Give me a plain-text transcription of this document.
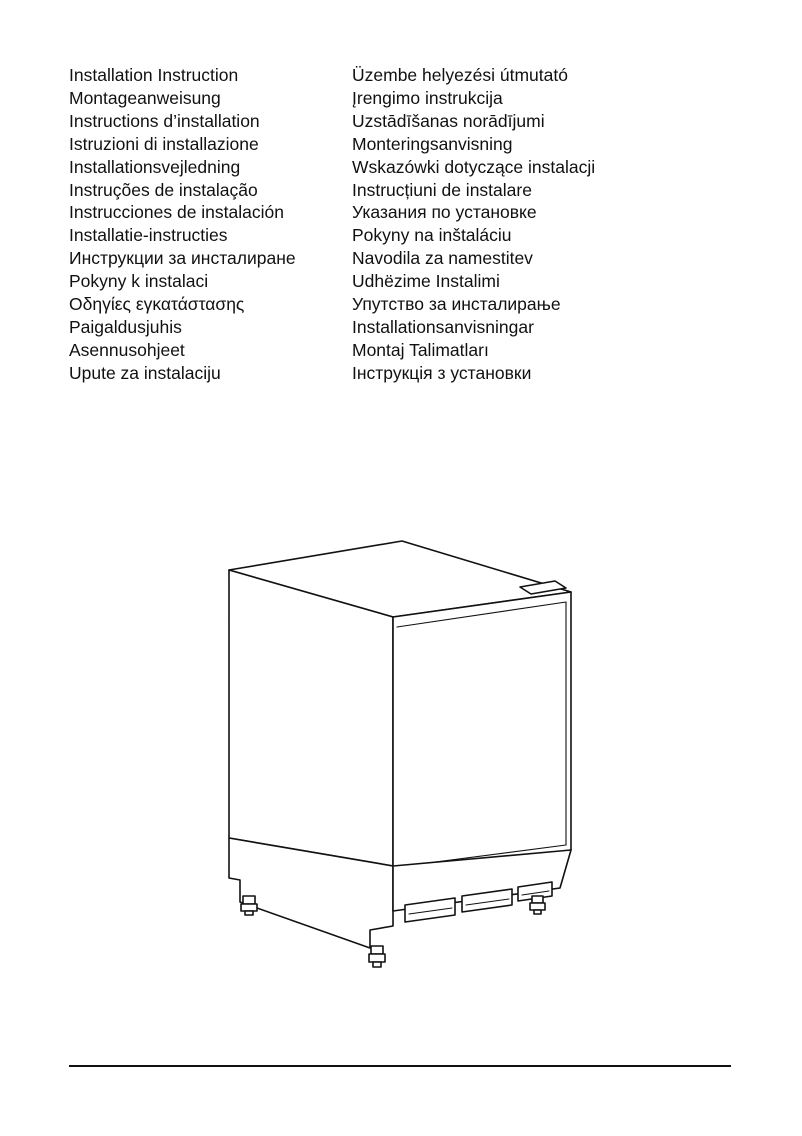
Installation Instruction
Montageanweisung
Instructions d’installation
Istruzioni di installazione
Installationsvejledning
Instruções de instalação
Instrucciones de instalación
Installatie-instructies
Инструкции за инсталиране
Pokyny k instalaci
Οδηγίες εγκατάστασης
Paigaldusjuhis
Asennusohjeet
Upute za instalaciju
Üzembe helyezési útmutató
Įrengimo instrukcija
Uzstādīšanas norādījumi
Monteringsanvisning
Wskazówki dotyczące instalacji
Instrucțiuni de instalare
Указания по установке
Pokyny na inštaláciu
Navodila za namestitev
Udhëzime Instalimi
Упутство за инсталирање
Installationsanvisningar
Montaj Talimatları
Інструкція з установки
